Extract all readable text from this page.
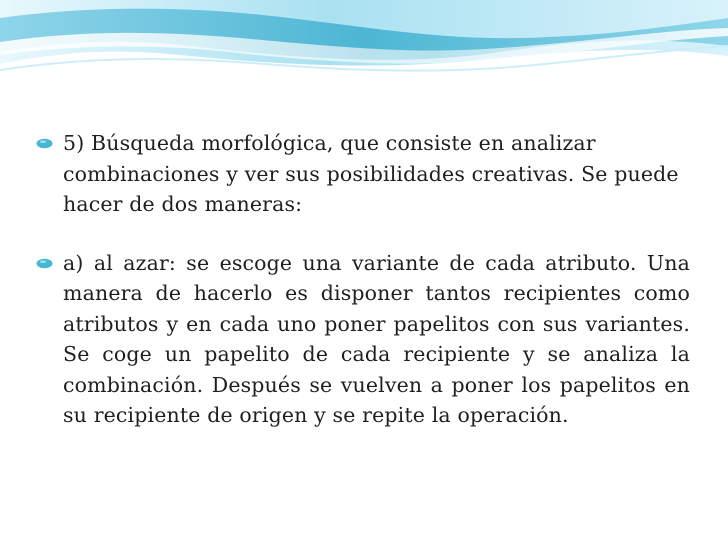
5) Búsqueda morfológica, que consiste en analizar combinaciones y ver sus posibilidades creativas. Se puede hacer de dos maneras:
a) al azar: se escoge una variante de cada atributo. Una manera de hacerlo es disponer tantos recipientes como atributos y en cada uno poner papelitos con sus variantes. Se coge un papelito de cada recipiente y se analiza la combinación. Después se vuelven a poner los papelitos en su recipiente de origen y se repite la operación.
